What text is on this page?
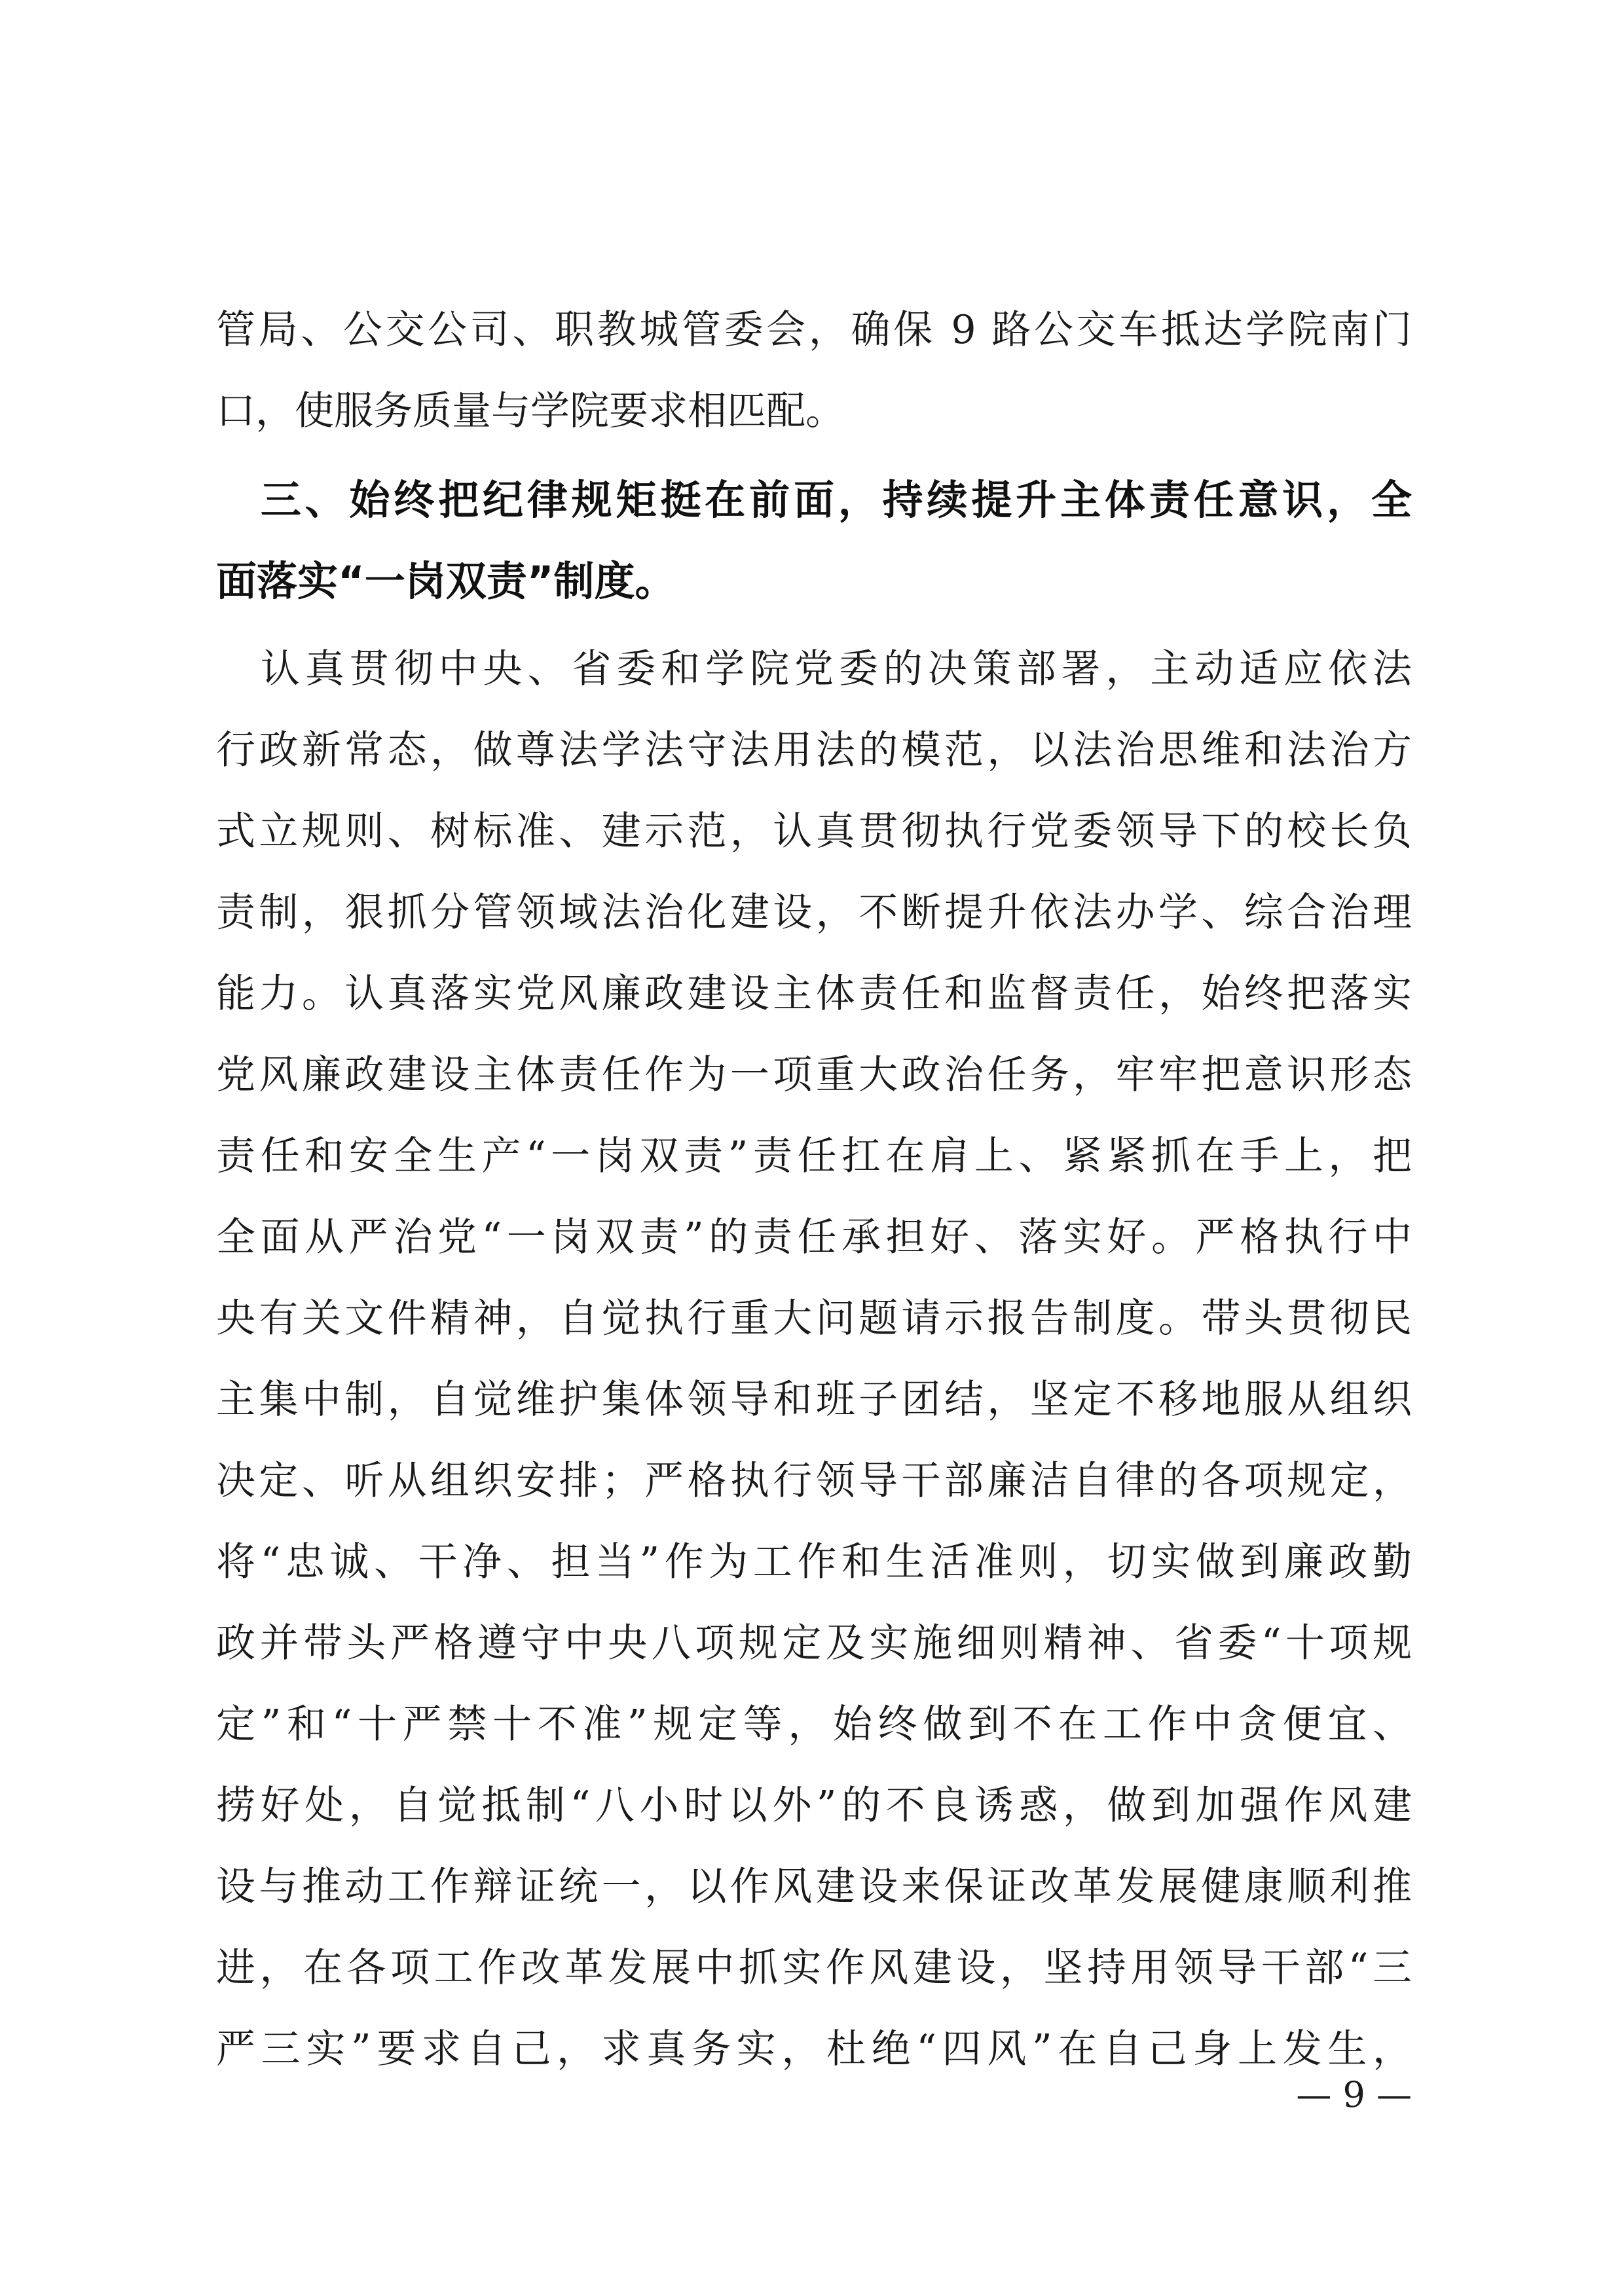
管局、公交公司、职教城管委会，确保 9 路公交车抵达学院南门
口，使服务质量与学院要求相匹配。
　三、始终把纪律规矩挺在前面，持续提升主体责任意识，全
面落实“一岗双责”制度。
　认真贯彻中央、省委和学院党委的决策部署，主动适应依法
行政新常态，做尊法学法守法用法的模范，以法治思维和法治方
式立规则、树标准、建示范，认真贯彻执行党委领导下的校长负
责制，狠抓分管领域法治化建设，不断提升依法办学、综合治理
能力。认真落实党风廉政建设主体责任和监督责任，始终把落实
党风廉政建设主体责任作为一项重大政治任务，牢牢把意识形态
责任和安全生产“一岗双责”责任扛在肩上、紧紧抓在手上，把
全面从严治党“一岗双责”的责任承担好、落实好。严格执行中
央有关文件精神，自觉执行重大问题请示报告制度。带头贯彻民
主集中制，自觉维护集体领导和班子团结，坚定不移地服从组织
决定、听从组织安排；严格执行领导干部廉洁自律的各项规定，
将“忠诚、干净、担当”作为工作和生活准则，切实做到廉政勤
政并带头严格遵守中央八项规定及实施细则精神、省委“十项规
定”和“十严禁十不准”规定等，始终做到不在工作中贪便宜、
捞好处，自觉抵制“八小时以外”的不良诱惑，做到加强作风建
设与推动工作辩证统一，以作风建设来保证改革发展健康顺利推
进，在各项工作改革发展中抓实作风建设，坚持用领导干部“三
严三实”要求自己，求真务实，杜绝“四风”在自己身上发生，
— 9 —
